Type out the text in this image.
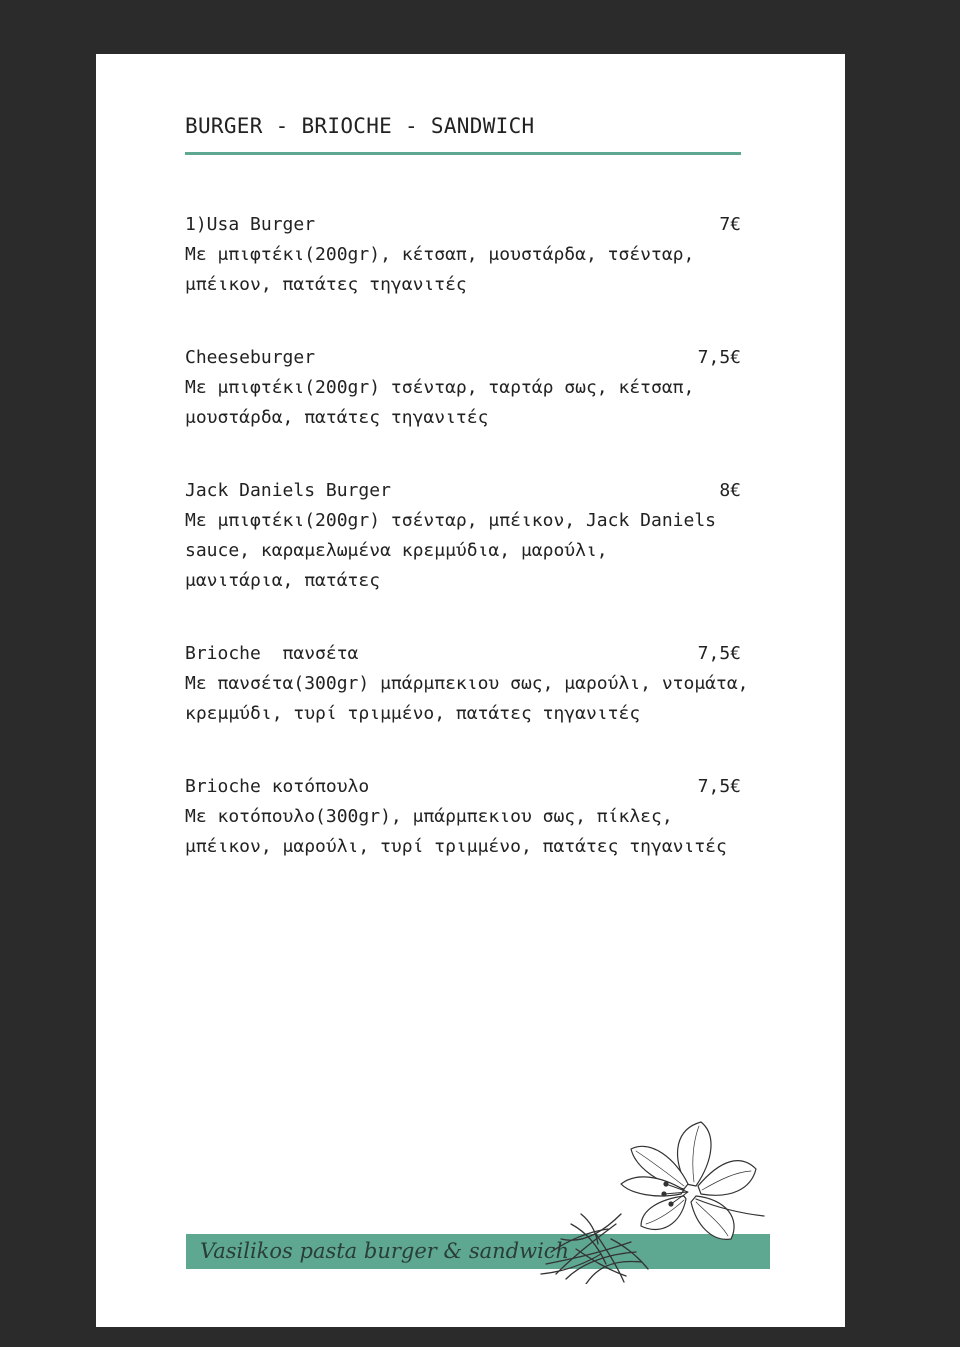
BURGER - BRIOCHE - SANDWICH
1)Usa Burger	7€
Με μπιφτέκι(200gr), κέτσαπ, μουστάρδα, τσένταρ,
μπέικον, πατάτες τηγανιτές
Cheeseburger	7,5€
Με μπιφτέκι(200gr) τσένταρ, ταρτάρ σως, κέτσαπ,
μουστάρδα, πατάτες τηγανιτές
Jack Daniels Burger	8€
Με μπιφτέκι(200gr) τσένταρ, μπέικον, Jack Daniels
sauce, καραμελωμένα κρεμμύδια, μαρούλι,
μανιτάρια, πατάτες
Brioche  πανσέτα	7,5€
Με πανσέτα(300gr) μπάρμπεκιου σως, μαρούλι, ντομάτα,
κρεμμύδι, τυρί τριμμένο, πατάτες τηγανιτές
Brioche κοτόπουλο	7,5€
Με κοτόπουλο(300gr), μπάρμπεκιου σως, πίκλες,
μπέικον, μαρούλι, τυρί τριμμένο, πατάτες τηγανιτές
Vasilikos pasta burger & sandwich
